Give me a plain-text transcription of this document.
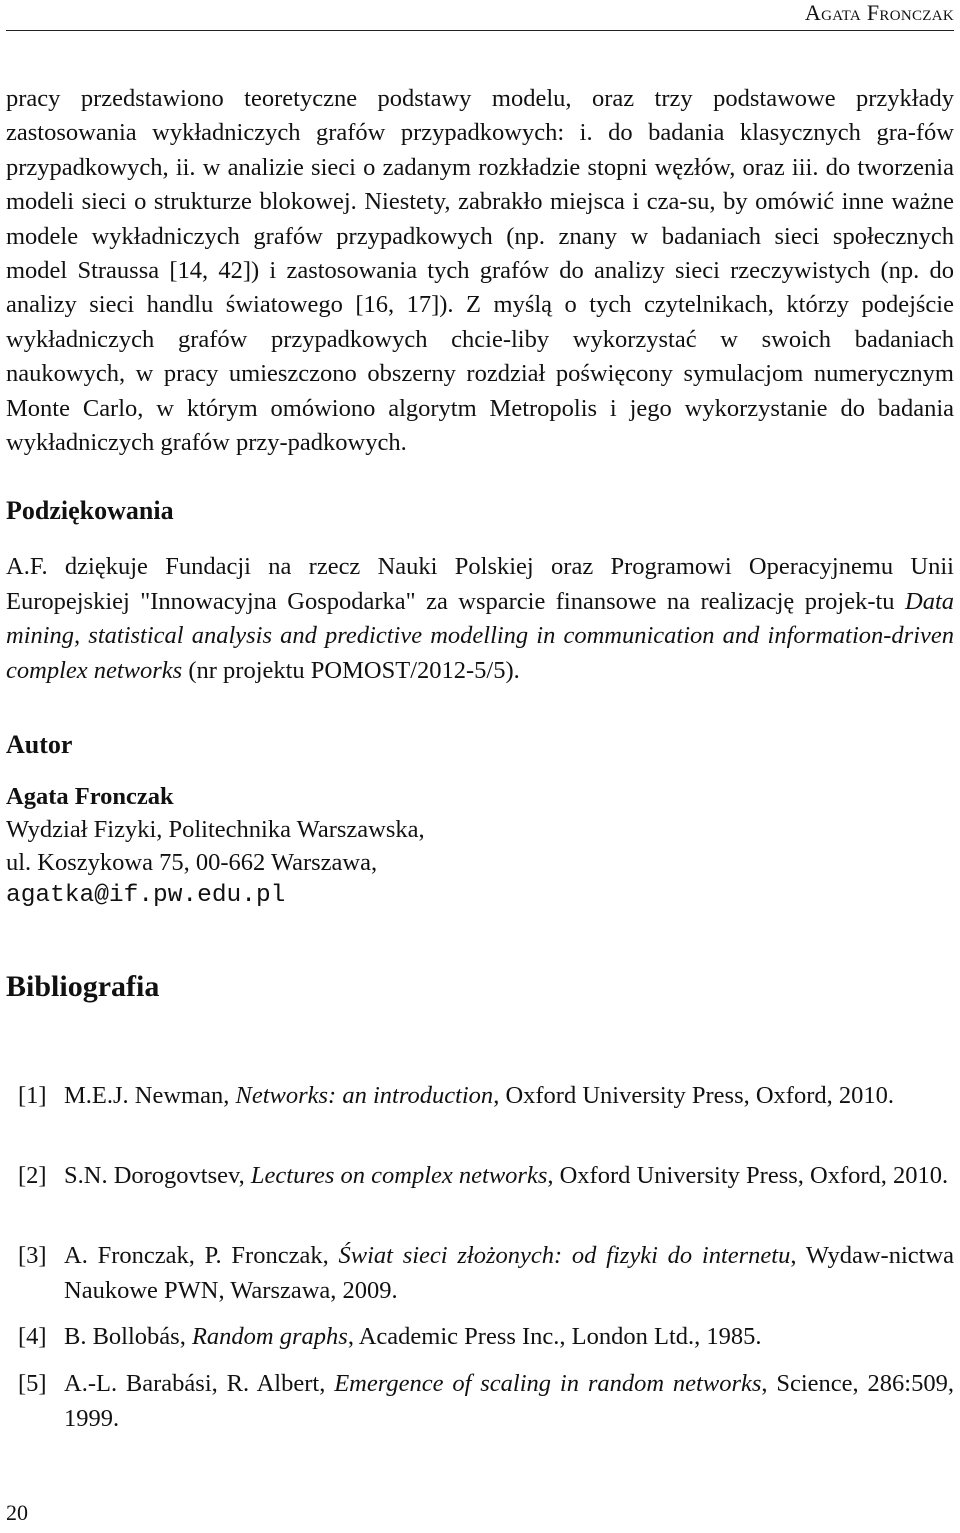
Agata Fronczak

pracy przedstawiono teoretyczne podstawy modelu, oraz trzy podstawowe przykłady zastosowania wykładniczych grafów przypadkowych: i. do badania klasycznych gra-fów przypadkowych, ii. w analizie sieci o zadanym rozkładzie stopni węzłów, oraz iii. do tworzenia modeli sieci o strukturze blokowej. Niestety, zabrakło miejsca i cza-su, by omówić inne ważne modele wykładniczych grafów przypadkowych (np. znany w badaniach sieci społecznych model Straussa [14, 42]) i zastosowania tych grafów do analizy sieci rzeczywistych (np. do analizy sieci handlu światowego [16, 17]). Z myślą o tych czytelnikach, którzy podejście wykładniczych grafów przypadkowych chcie-liby wykorzystać w swoich badaniach naukowych, w pracy umieszczono obszerny rozdział poświęcony symulacjom numerycznym Monte Carlo, w którym omówiono algorytm Metropolis i jego wykorzystanie do badania wykładniczych grafów przy-padkowych.

Podziękowania

A.F. dziękuje Fundacji na rzecz Nauki Polskiej oraz Programowi Operacyjnemu Unii Europejskiej "Innowacyjna Gospodarka" za wsparcie finansowe na realizację projek-tu Data mining, statistical analysis and predictive modelling in communication and information-driven complex networks (nr projektu POMOST/2012-5/5).

Autor
Agata Fronczak
Wydział Fizyki, Politechnika Warszawska,
ul. Koszykowa 75, 00-662 Warszawa,
agatka@if.pw.edu.pl
Bibliografia
[1] M.E.J. Newman, Networks: an introduction, Oxford University Press, Oxford, 2010.
[2] S.N. Dorogovtsev, Lectures on complex networks, Oxford University Press, Oxford, 2010.
[3] A. Fronczak, P. Fronczak, Świat sieci złożonych: od fizyki do internetu, Wydaw-nictwa Naukowe PWN, Warszawa, 2009.
[4] B. Bollobás, Random graphs, Academic Press Inc., London Ltd., 1985.
[5] A.-L. Barabási, R. Albert, Emergence of scaling in random networks, Science, 286:509, 1999.
20
